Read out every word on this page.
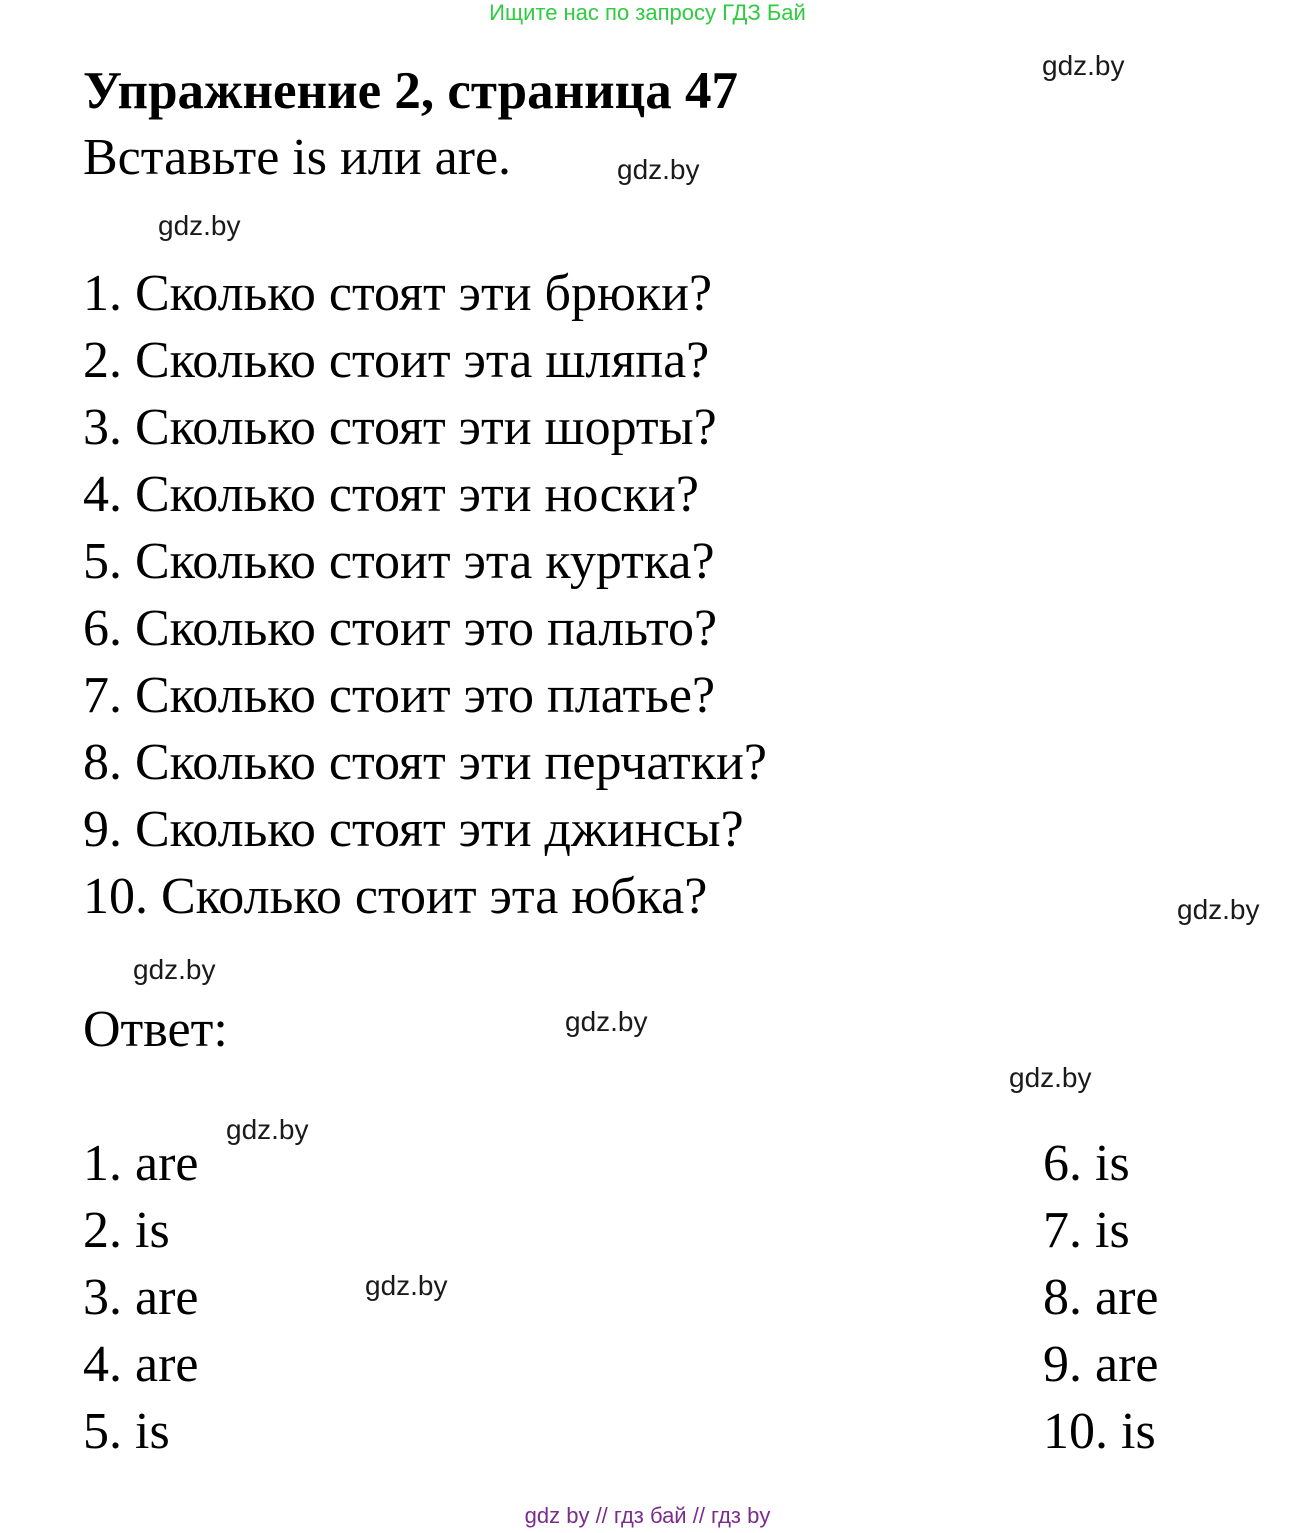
Ищите нас по запросу ГДЗ Бай
Упражнение 2, страница 47
Вставьте is или are.
gdz.by
gdz.by
gdz.by
gdz.by
gdz.by
gdz.by
gdz.by
gdz.by
gdz.by
1. Сколько стоят эти брюки?
2. Сколько стоит эта шляпа?
3. Сколько стоят эти шорты?
4. Сколько стоят эти носки?
5. Сколько стоит эта куртка?
6. Сколько стоит это пальто?
7. Сколько стоит это платье?
8. Сколько стоят эти перчатки?
9. Сколько стоят эти джинсы?
10. Сколько стоит эта юбка?
Ответ:
1. are
2. is
3. are
4. are
5. is
6. is
7. is
8. are
9. are
10. is
gdz by // гдз бай // гдз by
